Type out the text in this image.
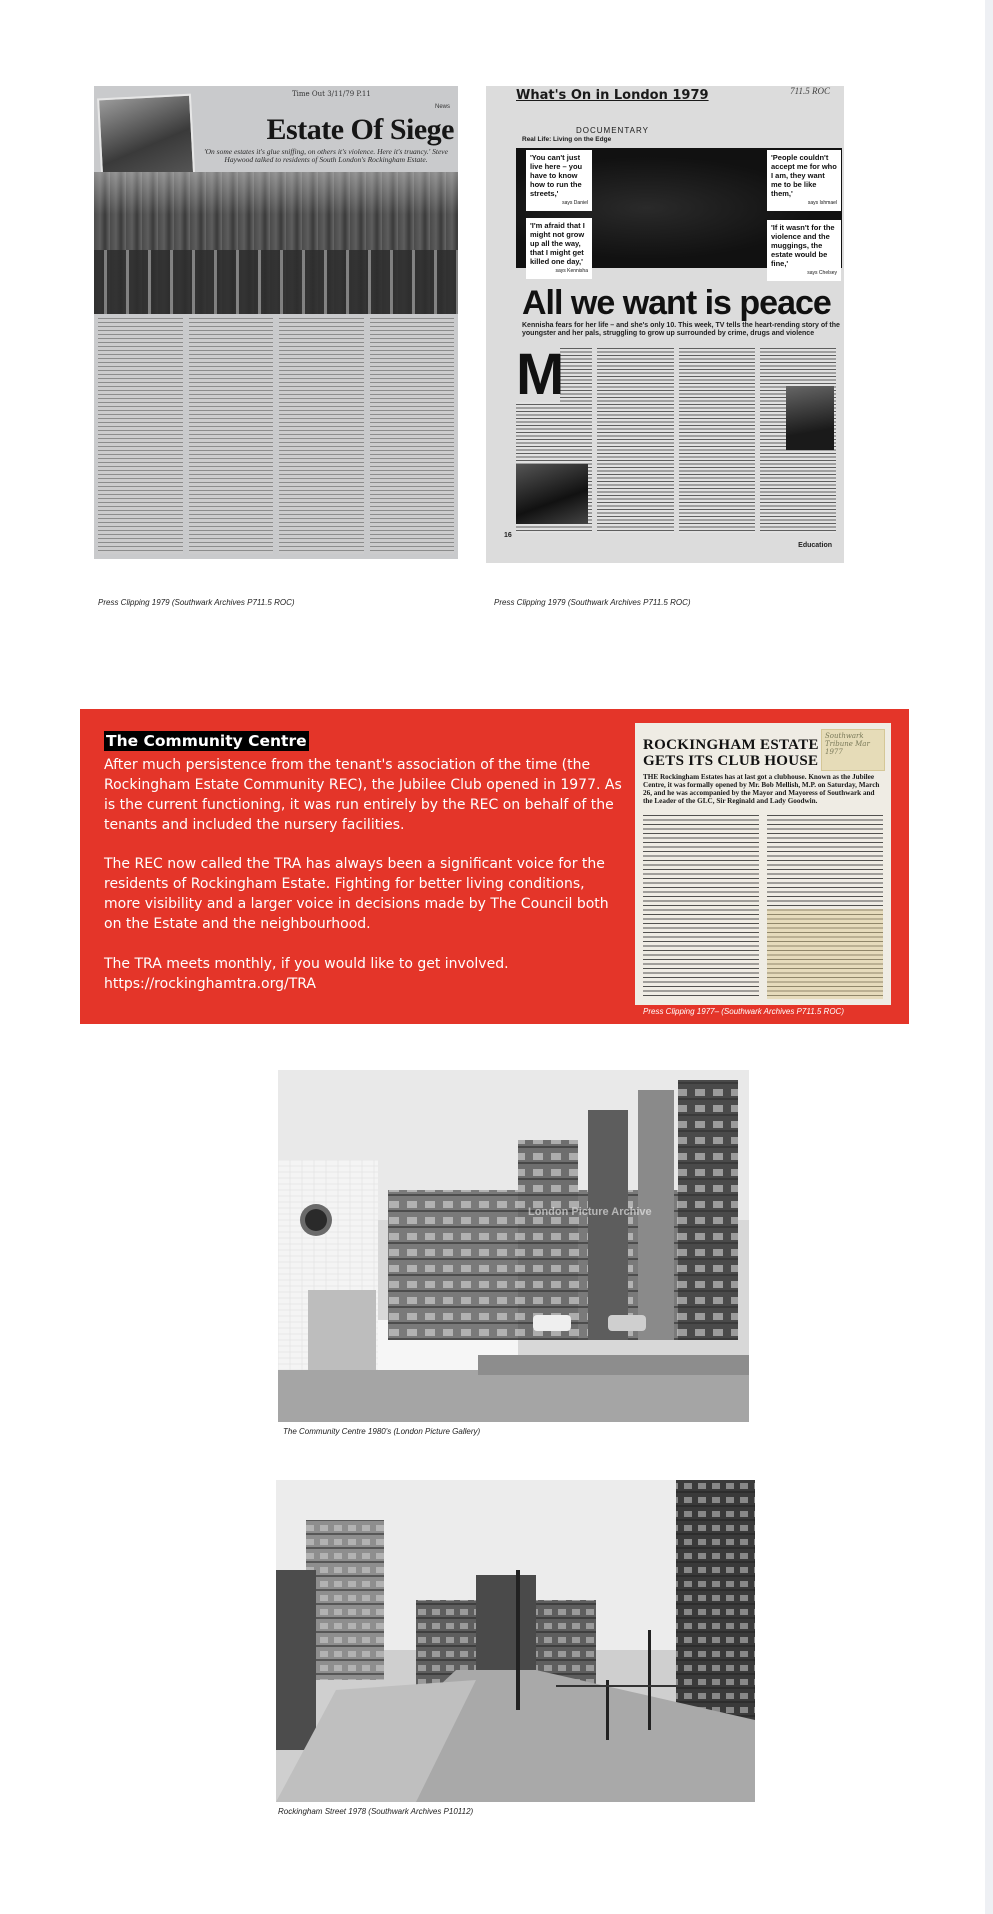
Time Out 3/11/79 P.11
News
Estate Of Siege
'On some estates it's glue sniffing, on others it's violence. Here it's truancy.' Steve Haywood talked to residents of South London's Rockingham Estate.
Press Clipping 1979 (Southwark Archives P711.5 ROC)
What's On in London 1979	711.5 ROC
DOCUMENTARY
Real Life: Living on the Edge
'You can't just live here – you have to know how to run the streets,'
says Daniel
'I'm afraid that I might not grow up all the way, that I might get killed one day,'
says Kennisha
'People couldn't accept me for who I am, they want me to be like them,'
says Ishmael
'If it wasn't for the violence and the muggings, the estate would be fine,'
says Chelsey
All we want is peace
Kennisha fears for her life – and she's only 10. This week, TV tells the heart-rending story of the youngster and her pals, struggling to grow up surrounded by crime, drugs and violence
M
16
Education
Press Clipping 1979 (Southwark Archives P711.5 ROC)
The Community Centre
After much persistence from the tenant's association of the time (the Rockingham Estate Community REC), the Jubilee Club opened in 1977. As is the current functioning, it was run entirely by the REC on behalf of the tenants and included the nursery facilities.
The REC now called the TRA has always been a significant voice for the residents of Rockingham Estate. Fighting for better living conditions, more visibility and a larger voice in decisions made by The Council both on the Estate and the neighbourhood.
The TRA meets monthly, if you would like to get involved.
https://rockinghamtra.org/TRA
ROCKINGHAM ESTATE GETS ITS CLUB HOUSE
Southwark Tribune Mar 1977
THE Rockingham Estates has at last got a clubhouse. Known as the Jubilee Centre, it was formally opened by Mr. Bob Mellish, M.P. on Saturday, March 26, and he was accompanied by the Mayor and Mayoress of Southwark and the Leader of the GLC, Sir Reginald and Lady Goodwin.
Press Clipping 1977– (Southwark Archives P711.5 ROC)
London Picture Archive
The Community Centre 1980's (London Picture Gallery)
Rockingham Street 1978 (Southwark Archives P10112)
